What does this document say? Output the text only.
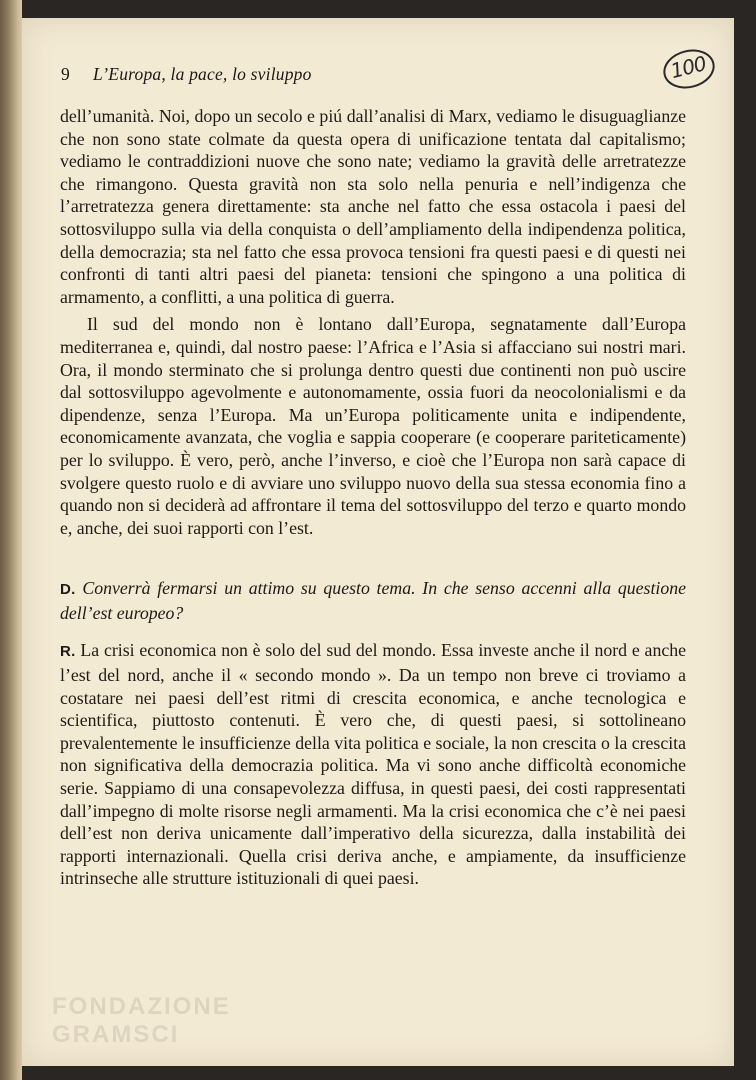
9 L’Europa, la pace, lo sviluppo	100

dell’umanità. Noi, dopo un secolo e piú dall’analisi di Marx, vediamo le disuguaglianze che non sono state colmate da questa opera di unificazione tentata dal capitalismo; vediamo le contraddizioni nuove che sono nate; vediamo la gravità delle arretratezze che rimangono. Questa gravità non sta solo nella penuria e nell’indigenza che l’arretratezza genera direttamente: sta anche nel fatto che essa ostacola i paesi del sottosviluppo sulla via della conquista o dell’ampliamento della indipendenza politica, della democrazia; sta nel fatto che essa provoca tensioni fra questi paesi e di questi nei confronti di tanti altri paesi del pianeta: tensioni che spingono a una politica di armamento, a conflitti, a una politica di guerra.

Il sud del mondo non è lontano dall’Europa, segnatamente dall’Europa mediterranea e, quindi, dal nostro paese: l’Africa e l’Asia si affacciano sui nostri mari. Ora, il mondo sterminato che si prolunga dentro questi due continenti non può uscire dal sottosviluppo agevolmente e autonomamente, ossia fuori da neocolonialismi e da dipendenze, senza l’Europa. Ma un’Europa politicamente unita e indipendente, economicamente avanzata, che voglia e sappia cooperare (e cooperare pariteticamente) per lo sviluppo. È vero, però, anche l’inverso, e cioè che l’Europa non sarà capace di svolgere questo ruolo e di avviare uno sviluppo nuovo della sua stessa economia fino a quando non si deciderà ad affrontare il tema del sottosviluppo del terzo e quarto mondo e, anche, dei suoi rapporti con l’est.

D. Converrà fermarsi un attimo su questo tema. In che senso accenni alla questione dell’est europeo?

R. La crisi economica non è solo del sud del mondo. Essa investe anche il nord e anche l’est del nord, anche il « secondo mondo ». Da un tempo non breve ci troviamo a costatare nei paesi dell’est ritmi di crescita economica, e anche tecnologica e scientifica, piuttosto contenuti. È vero che, di questi paesi, si sottolineano prevalentemente le insufficienze della vita politica e sociale, la non crescita o la crescita non significativa della democrazia politica. Ma vi sono anche difficoltà economiche serie. Sappiamo di una consapevolezza diffusa, in questi paesi, dei costi rappresentati dall’impegno di molte risorse negli armamenti. Ma la crisi economica che c’è nei paesi dell’est non deriva unicamente dall’imperativo della sicurezza, dalla instabilità dei rapporti internazionali. Quella crisi deriva anche, e ampiamente, da insufficienze intrinseche alle strutture istituzionali di quei paesi.

FONDAZIONE
GRAMSCI
